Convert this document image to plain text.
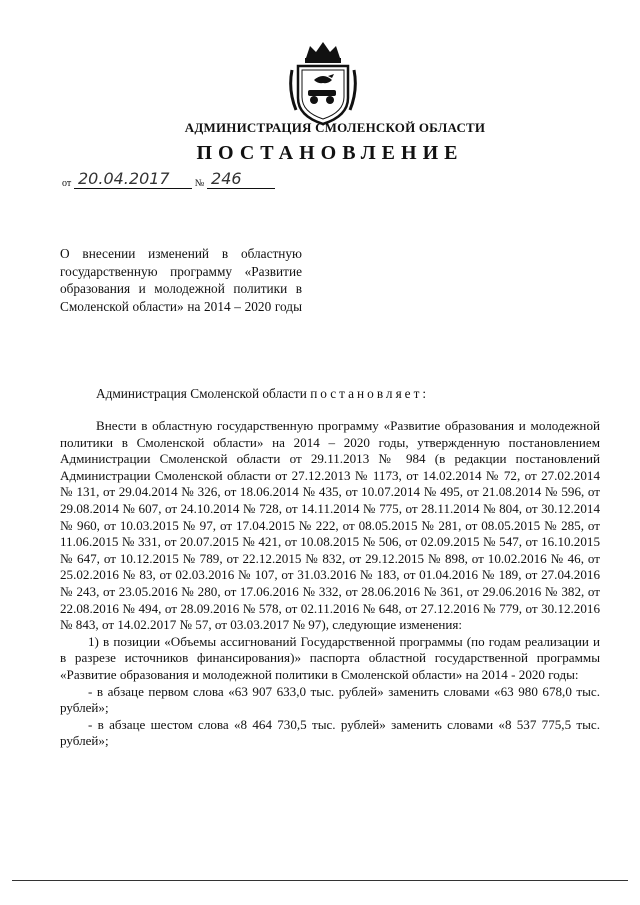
АДМИНИСТРАЦИЯ СМОЛЕНСКОЙ ОБЛАСТИ
ПОСТАНОВЛЕНИЕ
от 20.04.2017	№ 246
О внесении изменений в областную государственную программу «Развитие образования и молодежной политики в Смоленской области» на 2014 – 2020 годы
Администрация Смоленской области постановляет:

Внести в областную государственную программу «Развитие образования и молодежной политики в Смоленской области» на 2014 – 2020 годы, утвержденную постановлением Администрации Смоленской области от 29.11.2013 № 984 (в редакции постановлений Администрации Смоленской области от 27.12.2013 № 1173, от 14.02.2014 № 72, от 27.02.2014 № 131, от 29.04.2014 № 326, от 18.06.2014 № 435, от 10.07.2014 № 495, от 21.08.2014 № 596, от 29.08.2014 № 607, от 24.10.2014 № 728, от 14.11.2014 № 775, от 28.11.2014 № 804, от 30.12.2014 № 960, от 10.03.2015 № 97, от 17.04.2015 № 222, от 08.05.2015 № 281, от 08.05.2015 № 285, от 11.06.2015 № 331, от 20.07.2015 № 421, от 10.08.2015 № 506, от 02.09.2015 № 547, от 16.10.2015 № 647, от 10.12.2015 № 789, от 22.12.2015 № 832, от 29.12.2015 № 898, от 10.02.2016 № 46, от 25.02.2016 № 83, от 02.03.2016 № 107, от 31.03.2016 № 183, от 01.04.2016 № 189, от 27.04.2016 № 243, от 23.05.2016 № 280, от 17.06.2016 № 332, от 28.06.2016 № 361, от 29.06.2016 № 382, от 22.08.2016 № 494, от 28.09.2016 № 578, от 02.11.2016 № 648, от 27.12.2016 № 779, от 30.12.2016 № 843, от 14.02.2017 № 57, от 03.03.2017 № 97), следующие изменения:

1) в позиции «Объемы ассигнований Государственной программы (по годам реализации и в разрезе источников финансирования)» паспорта областной государственной программы «Развитие образования и молодежной политики в Смоленской области» на 2014 - 2020 годы:

- в абзаце первом слова «63 907 633,0 тыс. рублей» заменить словами «63 980 678,0 тыс. рублей»;

- в абзаце шестом слова «8 464 730,5 тыс. рублей» заменить словами «8 537 775,5 тыс. рублей»;
